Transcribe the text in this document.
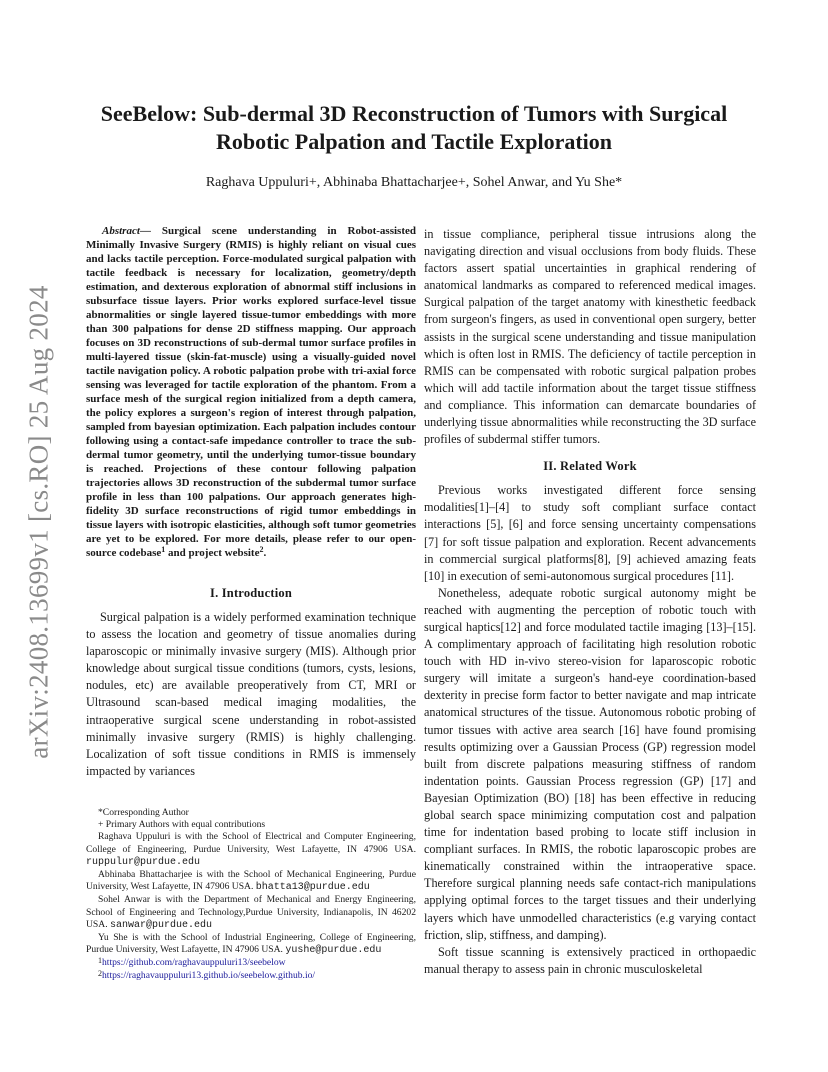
arXiv:2408.13699v1 [cs.RO] 25 Aug 2024
SeeBelow: Sub-dermal 3D Reconstruction of Tumors with Surgical
Robotic Palpation and Tactile Exploration
Raghava Uppuluri+, Abhinaba Bhattacharjee+, Sohel Anwar, and Yu She*

Abstract— Surgical scene understanding in Robot-assisted Minimally Invasive Surgery (RMIS) is highly reliant on visual cues and lacks tactile perception. Force-modulated surgical palpation with tactile feedback is necessary for localization, geometry/depth estimation, and dexterous exploration of abnormal stiff inclusions in subsurface tissue layers. Prior works explored surface-level tissue abnormalities or single layered tissue-tumor embeddings with more than 300 palpations for dense 2D stiffness mapping. Our approach focuses on 3D reconstructions of sub-dermal tumor surface profiles in multi-layered tissue (skin-fat-muscle) using a visually-guided novel tactile navigation policy. A robotic palpation probe with tri-axial force sensing was leveraged for tactile exploration of the phantom. From a surface mesh of the surgical region initialized from a depth camera, the policy explores a surgeon's region of interest through palpation, sampled from bayesian optimization. Each palpation includes contour following using a contact-safe impedance controller to trace the sub-dermal tumor geometry, until the underlying tumor-tissue boundary is reached. Projections of these contour following palpation trajectories allows 3D reconstruction of the subdermal tumor surface profile in less than 100 palpations. Our approach generates high-fidelity 3D surface reconstructions of rigid tumor embeddings in tissue layers with isotropic elasticities, although soft tumor geometries are yet to be explored. For more details, please refer to our open-source codebase$^1$ and project website$^2$.

I. Introduction

Surgical palpation is a widely performed examination technique to assess the location and geometry of tissue anomalies during laparoscopic or minimally invasive surgery (MIS). Although prior knowledge about surgical tissue conditions (tumors, cysts, lesions, nodules, etc) are available preoperatively from CT, MRI or Ultrasound scan-based medical imaging modalities, the intraoperative surgical scene understanding in robot-assisted minimally invasive surgery (RMIS) is highly challenging. Localization of soft tissue conditions in RMIS is immensely impacted by variances

*Corresponding Author

+ Primary Authors with equal contributions

Raghava Uppuluri is with the School of Electrical and Computer Engineering, College of Engineering, Purdue University, West Lafayette, IN 47906 USA. ruppulur@purdue.edu

Abhinaba Bhattacharjee is with the School of Mechanical Engineering, Purdue University, West Lafayette, IN 47906 USA. bhatta13@purdue.edu

Sohel Anwar is with the Department of Mechanical and Energy Engineering, School of Engineering and Technology,Purdue University, Indianapolis, IN 46202 USA. sanwar@purdue.edu

Yu She is with the School of Industrial Engineering, College of Engineering, Purdue University, West Lafayette, IN 47906 USA. yushe@purdue.edu

$^1$https://github.com/raghavauppuluri13/seebelow

$^2$https://raghavauppuluri13.github.io/seebelow.github.io/

in tissue compliance, peripheral tissue intrusions along the navigating direction and visual occlusions from body fluids. These factors assert spatial uncertainties in graphical rendering of anatomical landmarks as compared to referenced medical images. Surgical palpation of the target anatomy with kinesthetic feedback from surgeon's fingers, as used in conventional open surgery, better assists in the surgical scene understanding and tissue manipulation which is often lost in RMIS. The deficiency of tactile perception in RMIS can be compensated with robotic surgical palpation probes which will add tactile information about the target tissue stiffness and compliance. This information can demarcate boundaries of underlying tissue abnormalities while reconstructing the 3D surface profiles of subdermal stiffer tumors.

II. Related Work

Previous works investigated different force sensing modalities[1]–[4] to study soft compliant surface contact interactions [5], [6] and force sensing uncertainty compensations [7] for soft tissue palpation and exploration. Recent advancements in commercial surgical platforms[8], [9] achieved amazing feats [10] in execution of semi-autonomous surgical procedures [11].

Nonetheless, adequate robotic surgical autonomy might be reached with augmenting the perception of robotic touch with surgical haptics[12] and force modulated tactile imaging [13]–[15]. A complimentary approach of facilitating high resolution robotic touch with HD in-vivo stereo-vision for laparoscopic robotic surgery will imitate a surgeon's hand-eye coordination-based dexterity in precise form factor to better navigate and map intricate anatomical structures of the tissue. Autonomous robotic probing of tumor tissues with active area search [16] have found promising results optimizing over a Gaussian Process (GP) regression model built from discrete palpations measuring stiffness of random indentation points. Gaussian Process regression (GP) [17] and Bayesian Optimization (BO) [18] has been effective in reducing global search space minimizing computation cost and palpation time for indentation based probing to locate stiff inclusion in compliant surfaces. In RMIS, the robotic laparoscopic probes are kinematically constrained within the intraoperative space. Therefore surgical planning needs safe contact-rich manipulations applying optimal forces to the target tissues and their underlying layers which have unmodelled characteristics (e.g varying contact friction, slip, stiffness, and damping).

Soft tissue scanning is extensively practiced in orthopaedic manual therapy to assess pain in chronic musculoskeletal
